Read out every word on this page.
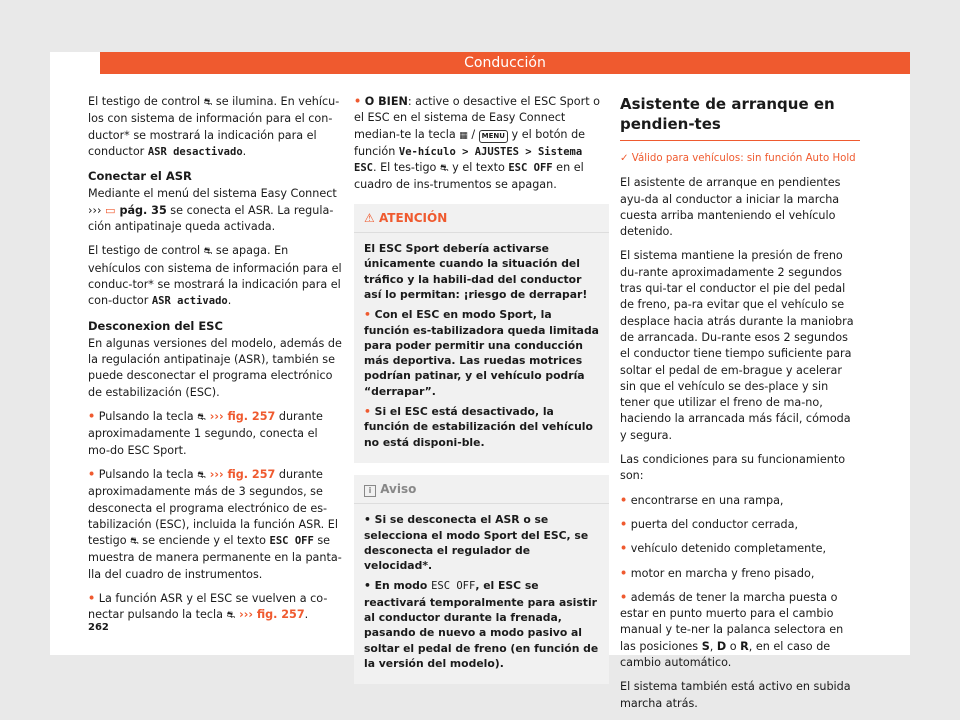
Conducción

El testigo de control ⛐ se ilumina. En vehícu-los con sistema de información para el con-ductor* se mostrará la indicación para el conductor ASR desactivado.

Conectar el ASR

Mediante el menú del sistema Easy Connect ››› ▭ pág. 35 se conecta el ASR. La regula-ción antipatinaje queda activada.

El testigo de control ⛐ se apaga. En vehículos con sistema de información para el conduc-tor* se mostrará la indicación para el con-ductor ASR activado.

Desconexion del ESC

En algunas versiones del modelo, además de la regulación antipatinaje (ASR), también se puede desconectar el programa electrónico de estabilización (ESC).

• Pulsando la tecla ⛐ ››› fig. 257 durante aproximadamente 1 segundo, conecta el mo-do ESC Sport.

• Pulsando la tecla ⛐ ››› fig. 257 durante aproximadamente más de 3 segundos, se desconecta el programa electrónico de es-tabilización (ESC), incluida la función ASR. El testigo ⛐ se enciende y el texto ESC OFF se muestra de manera permanente en la panta-lla del cuadro de instrumentos.

• La función ASR y el ESC se vuelven a co-nectar pulsando la tecla ⛐ ››› fig. 257.

• O BIEN: active o desactive el ESC Sport o el ESC en el sistema de Easy Connect median-te la tecla ▦ / MENU y el botón de función Ve-hículo > AJUSTES > Sistema ESC. El tes-tigo ⛐ y el texto ESC OFF en el cuadro de ins-trumentos se apagan.

⚠ ATENCIÓN

El ESC Sport debería activarse únicamente cuando la situación del tráfico y la habili-dad del conductor así lo permitan: ¡riesgo de derrapar!

• Con el ESC en modo Sport, la función es-tabilizadora queda limitada para poder permitir una conducción más deportiva. Las ruedas motrices podrían patinar, y el vehículo podría “derrapar”.

• Si el ESC está desactivado, la función de estabilización del vehículo no está disponi-ble.

i Aviso

• Si se desconecta el ASR o se selecciona el modo Sport del ESC, se desconecta el regulador de velocidad*.

• En modo ESC OFF, el ESC se reactivará temporalmente para asistir al conductor durante la frenada, pasando de nuevo a modo pasivo al soltar el pedal de freno (en función de la versión del modelo).

Asistente de arranque en pendien-tes

✓ Válido para vehículos: sin función Auto Hold

El asistente de arranque en pendientes ayu-da al conductor a iniciar la marcha cuesta arriba manteniendo el vehículo detenido.

El sistema mantiene la presión de freno du-rante aproximadamente 2 segundos tras qui-tar el conductor el pie del pedal de freno, pa-ra evitar que el vehículo se desplace hacia atrás durante la maniobra de arrancada. Du-rante esos 2 segundos el conductor tiene tiempo suficiente para soltar el pedal de em-brague y acelerar sin que el vehículo se des-place y sin tener que utilizar el freno de ma-no, haciendo la arrancada más fácil, cómoda y segura.

Las condiciones para su funcionamiento son:

• encontrarse en una rampa,

• puerta del conductor cerrada,

• vehículo detenido completamente,

• motor en marcha y freno pisado,

• además de tener la marcha puesta o estar en punto muerto para el cambio manual y te-ner la palanca selectora en las posiciones S, D o R, en el caso de cambio automático.

El sistema también está activo en subida marcha atrás.

262
